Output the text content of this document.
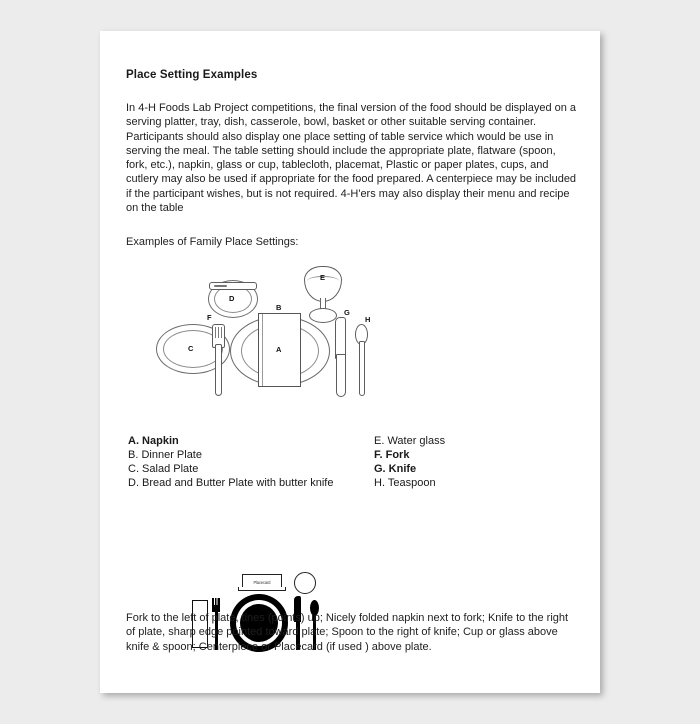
Place Setting Examples

In 4-H Foods Lab Project competitions, the final version of the food should be displayed on a serving platter, tray, dish, casserole, bowl, basket or other suitable serving container. Participants should also display one place setting of table service which would be use in serving the meal. The table setting should include the appropriate plate, flatware (spoon, fork, etc.), napkin, glass or cup, tablecloth, placemat, Plastic or paper plates, cups, and cutlery may also be used if appropriate for the food prepared. A centerpiece may be included if the participant wishes, but is not required. 4-H'ers may also display their menu and recipe on the table

Examples of Family Place Settings:

C
D
B
A
E
F
G
H
A. Napkin
B. Dinner Plate
C. Salad Plate
D. Bread and Butter Plate with butter knife
E. Water glass
F. Fork
G. Knife
H. Teaspoon
Placecard
Fork to the left of plate, tines (points) up; Nicely folded napkin next to fork; Knife to the right of plate, sharp edge pointed toward plate; Spoon to the right of knife; Cup or glass above knife & spoon; Centerpiece or Placecard (if used ) above plate.
